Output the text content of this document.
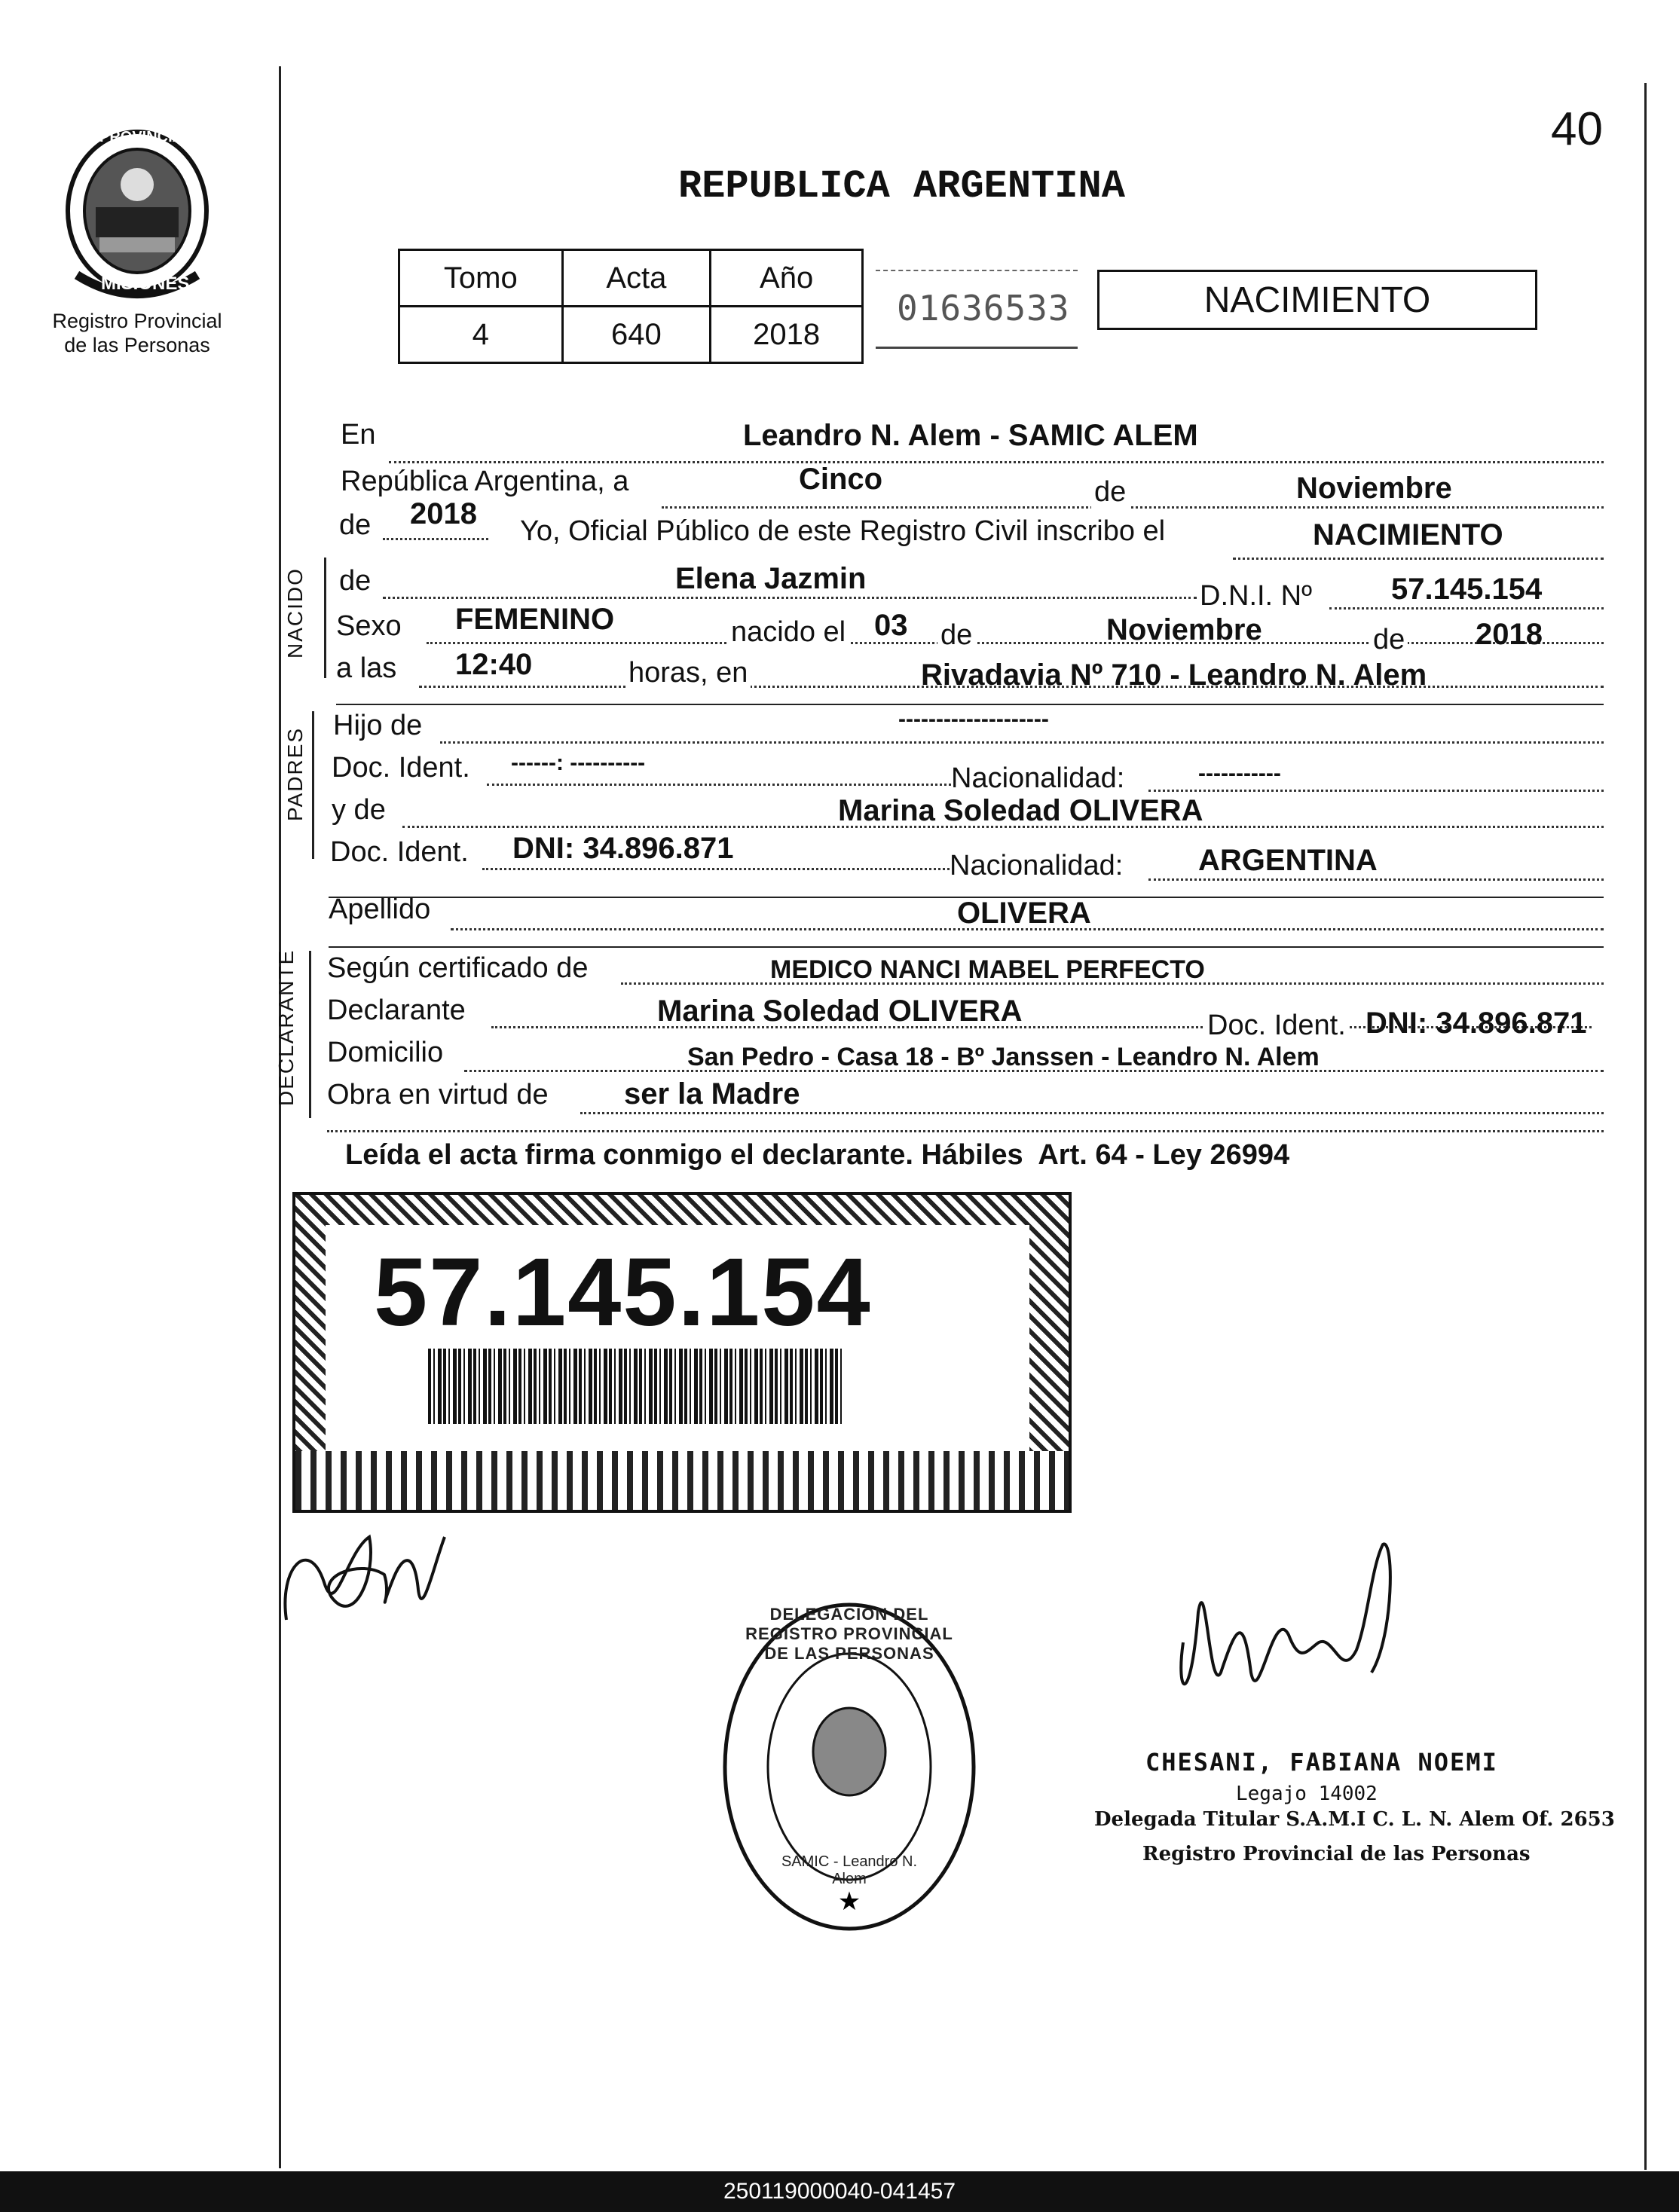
40
PROVINCIA DE
MISIONES
Registro Provincial de las Personas
REPUBLICA ARGENTINA
Tomo	Acta	Año
4	640	2018
01636533	NACIMIENTO
En	Leandro N. Alem - SAMIC ALEM
República Argentina, a	Cinco	de	Noviembre
de 2018
Yo, Oficial Público de este Registro Civil inscribo el	NACIMIENTO
NACIDO de	Elena Jazmin
D.N.I. Nº	57.145.154
Sexo FEMENINO	nacido el 03 de	Noviembre	de 2018
a las 12:40	horas, en	Rivadavia Nº 710 - Leandro N. Alem
PADRES
Hijo de	--------------------
Doc. Ident. ------: ----------	Nacionalidad:	-----------
y de	Marina Soledad OLIVERA
Doc. Ident. DNI: 34.896.871
Nacionalidad: ARGENTINA
Apellido	OLIVERA
DECLARANTE Según certificado de	MEDICO NANCI MABEL PERFECTO
Declarante	Marina Soledad OLIVERA	Doc. Ident. DNI: 34.896.871
Domicilio	San Pedro - Casa 18 - Bº Janssen - Leandro N. Alem
Obra en virtud de	ser la Madre
Leída el acta firma conmigo el declarante. Hábiles  Art. 64 - Ley 26994
57.145.154
★
DELEGACION DEL REGISTRO PROVINCIAL DE LAS PERSONAS
SAMIC - Leandro N. Alem
CHESANI, FABIANA NOEMI
Legajo 14002
Delegada Titular S.A.M.I C. L. N. Alem Of. 2653
Registro Provincial de las Personas
250119000040-041457
